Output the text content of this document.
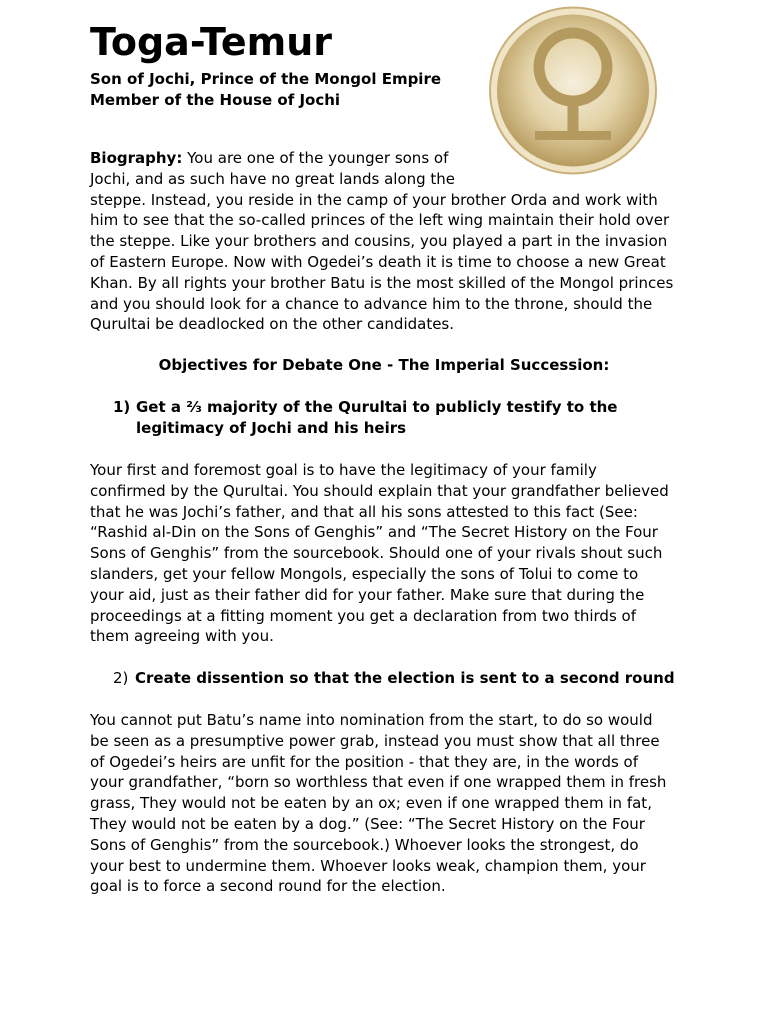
Toga-Temur
Son of Jochi, Prince of the Mongol Empire
Member of the House of Jochi

Biography: You are one of the younger sons of

Jochi, and as such have no great lands along the

steppe. Instead, you reside in the camp of your brother Orda and work with

him to see that the so-called princes of the left wing maintain their hold over

the steppe. Like your brothers and cousins, you played a part in the invasion

of Eastern Europe. Now with Ogedei’s death it is time to choose a new Great

Khan. By all rights your brother Batu is the most skilled of the Mongol princes

and you should look for a chance to advance him to the throne, should the

Qurultai be deadlocked on the other candidates.

Objectives for Debate One - The Imperial Succession:
1) Get a ⅔ majority of the Qurultai to publicly testify to the
legitimacy of Jochi and his heirs

Your first and foremost goal is to have the legitimacy of your family

confirmed by the Qurultai. You should explain that your grandfather believed

that he was Jochi’s father, and that all his sons attested to this fact (See:

“Rashid al-Din on the Sons of Genghis” and “The Secret History on the Four

Sons of Genghis” from the sourcebook. Should one of your rivals shout such

slanders, get your fellow Mongols, especially the sons of Tolui to come to

your aid, just as their father did for your father. Make sure that during the

proceedings at a fitting moment you get a declaration from two thirds of

them agreeing with you.

2) Create dissention so that the election is sent to a second round

You cannot put Batu’s name into nomination from the start, to do so would

be seen as a presumptive power grab, instead you must show that all three

of Ogedei’s heirs are unfit for the position - that they are, in the words of

your grandfather, “born so worthless that even if one wrapped them in fresh

grass, They would not be eaten by an ox; even if one wrapped them in fat,

They would not be eaten by a dog.” (See: “The Secret History on the Four

Sons of Genghis” from the sourcebook.) Whoever looks the strongest, do

your best to undermine them. Whoever looks weak, champion them, your

goal is to force a second round for the election.
